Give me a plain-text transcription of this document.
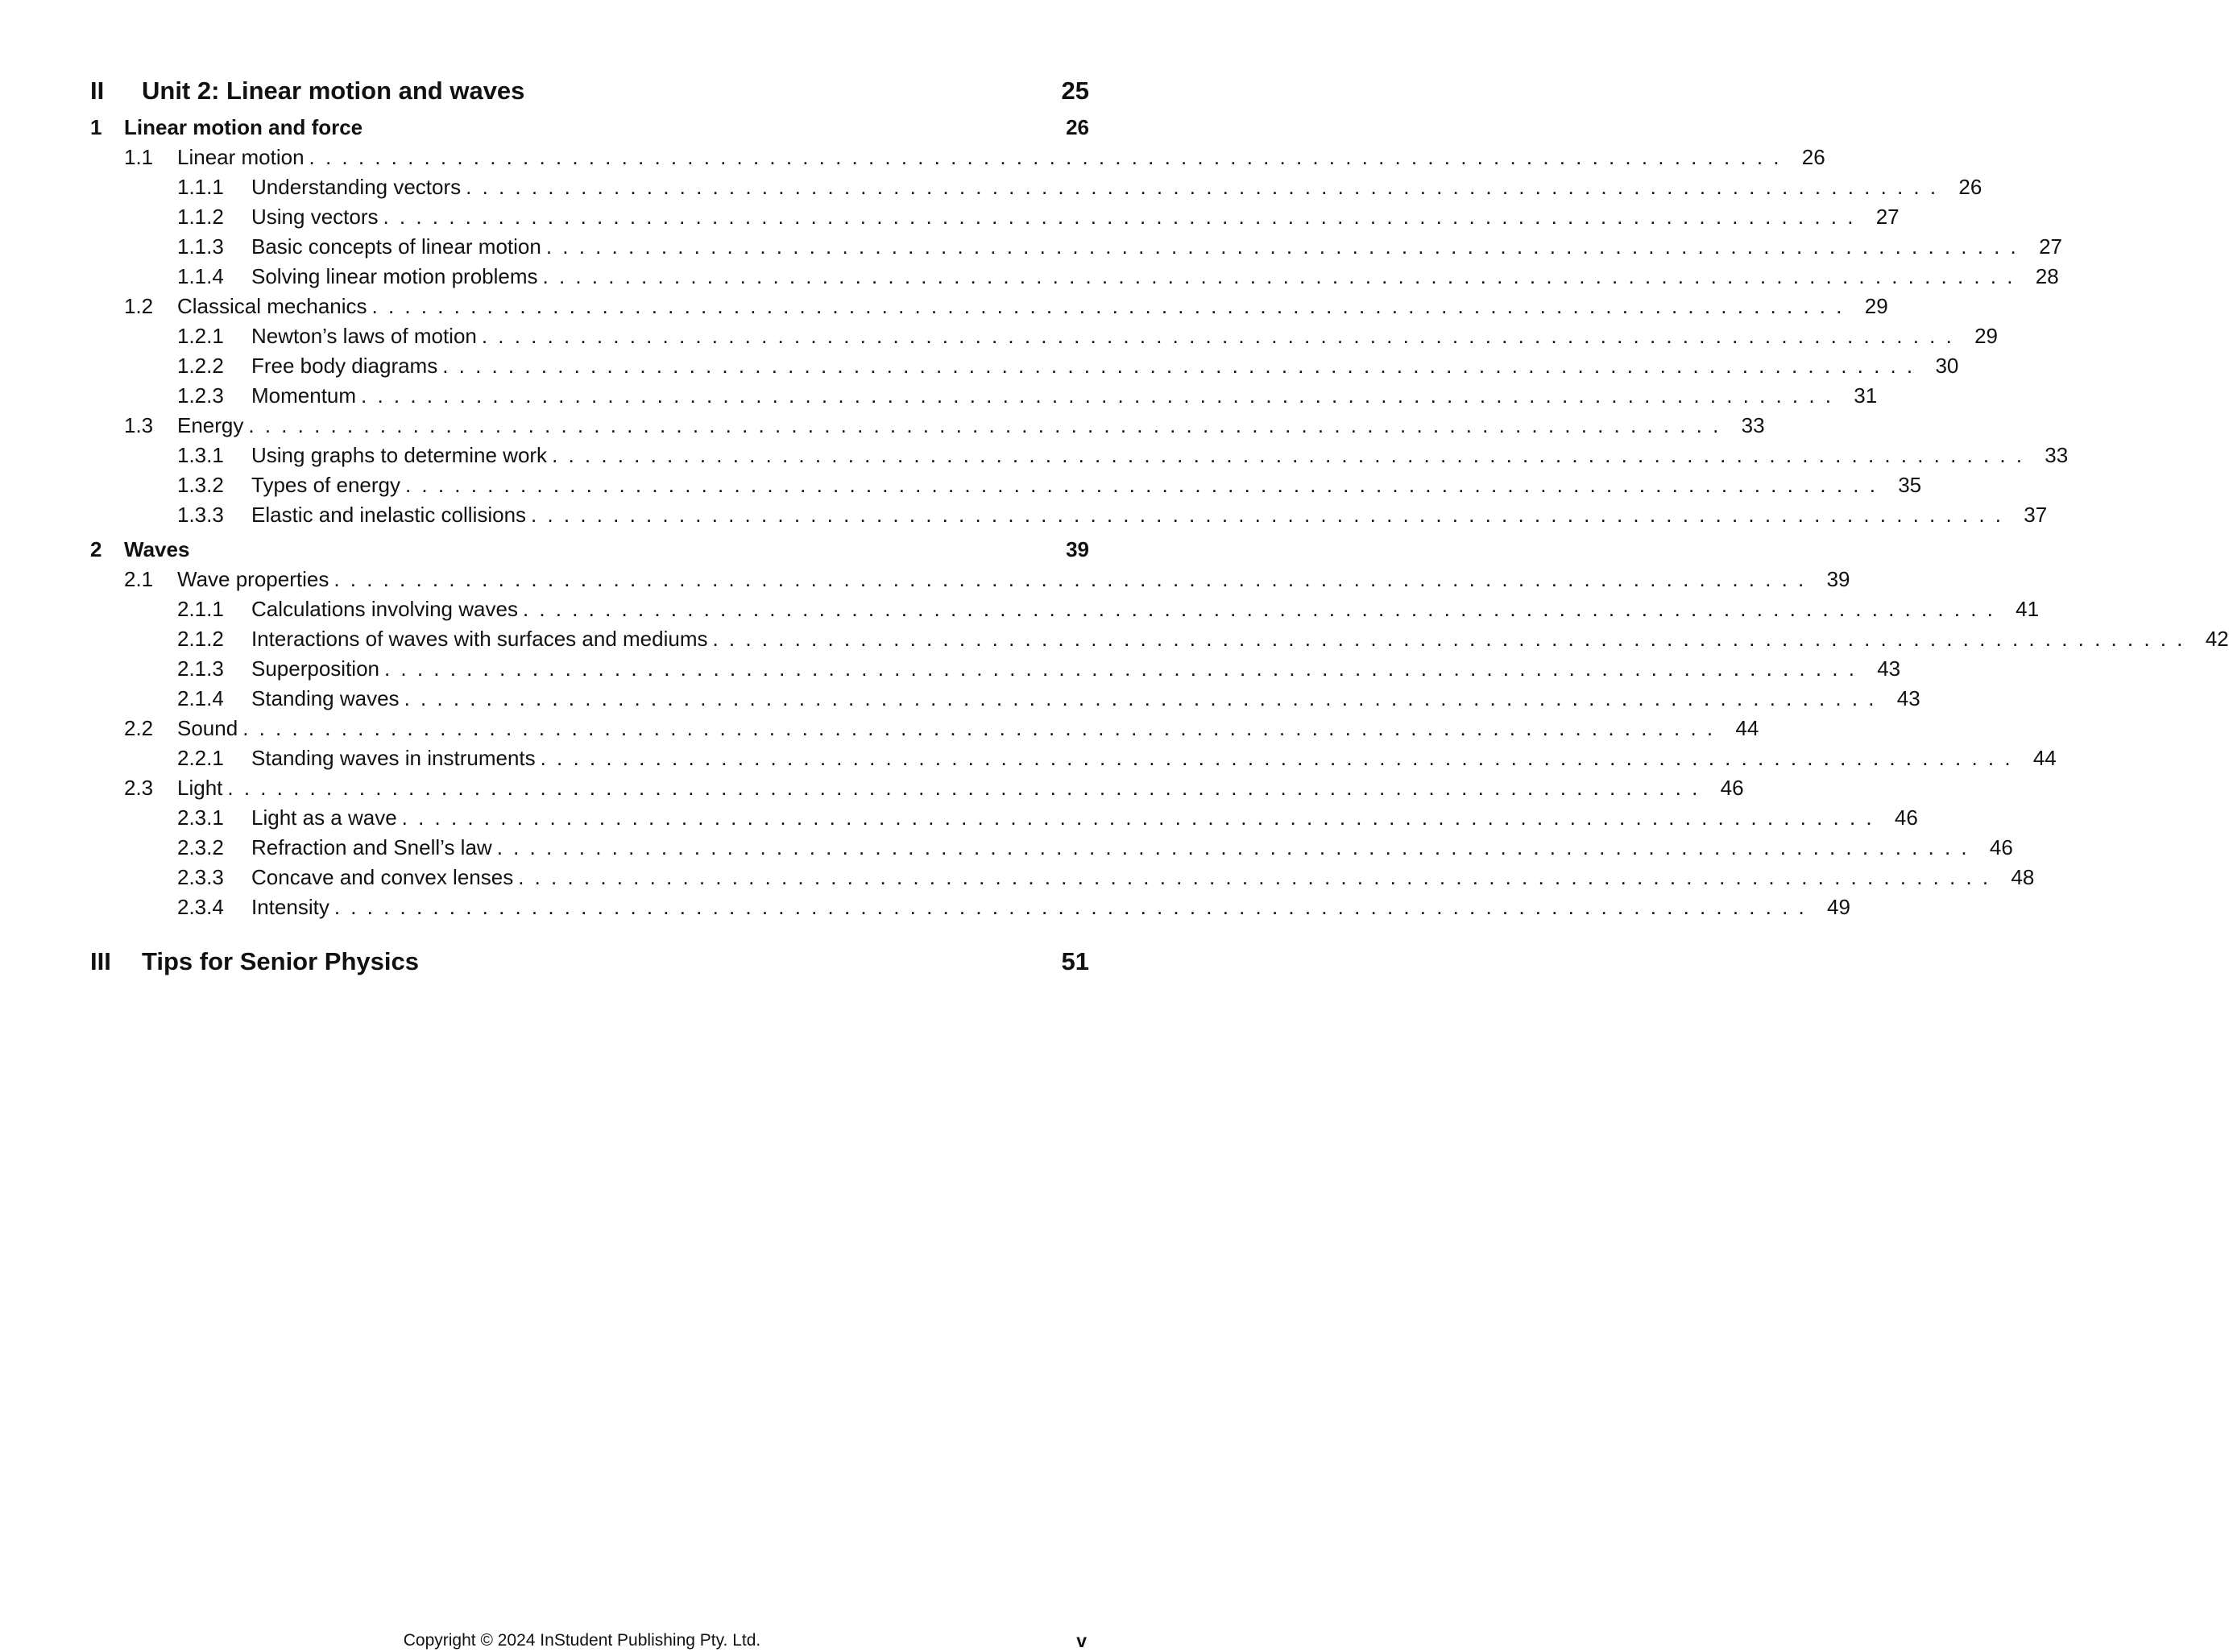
II	Unit 2: Linear motion and waves	25
1	Linear motion and force	26
1.1	Linear motion .......................................................................................... 26
1.1.1	Understanding vectors .......................................................................................... 26
1.1.2	Using vectors .......................................................................................... 27
1.1.3	Basic concepts of linear motion .......................................................................................... 27
1.1.4	Solving linear motion problems .......................................................................................... 28
1.2	Classical mechanics .......................................................................................... 29
1.2.1	Newton’s laws of motion .......................................................................................... 29
1.2.2	Free body diagrams .......................................................................................... 30
1.2.3	Momentum .......................................................................................... 31
1.3	Energy .......................................................................................... 33
1.3.1	Using graphs to determine work .......................................................................................... 33
1.3.2	Types of energy .......................................................................................... 35
1.3.3	Elastic and inelastic collisions .......................................................................................... 37
2	Waves	39
2.1	Wave properties .......................................................................................... 39
2.1.1	Calculations involving waves .......................................................................................... 41
2.1.2	Interactions of waves with surfaces and mediums .......................................................................................... 42
2.1.3	Superposition .......................................................................................... 43
2.1.4	Standing waves .......................................................................................... 43
2.2	Sound .......................................................................................... 44
2.2.1	Standing waves in instruments .......................................................................................... 44
2.3	Light .......................................................................................... 46
2.3.1	Light as a wave .......................................................................................... 46
2.3.2	Refraction and Snell’s law .......................................................................................... 46
2.3.3	Concave and convex lenses .......................................................................................... 48
2.3.4	Intensity .......................................................................................... 49
III	Tips for Senior Physics	51
Copyright © 2024 InStudent Publishing Pty. Ltd.	v
